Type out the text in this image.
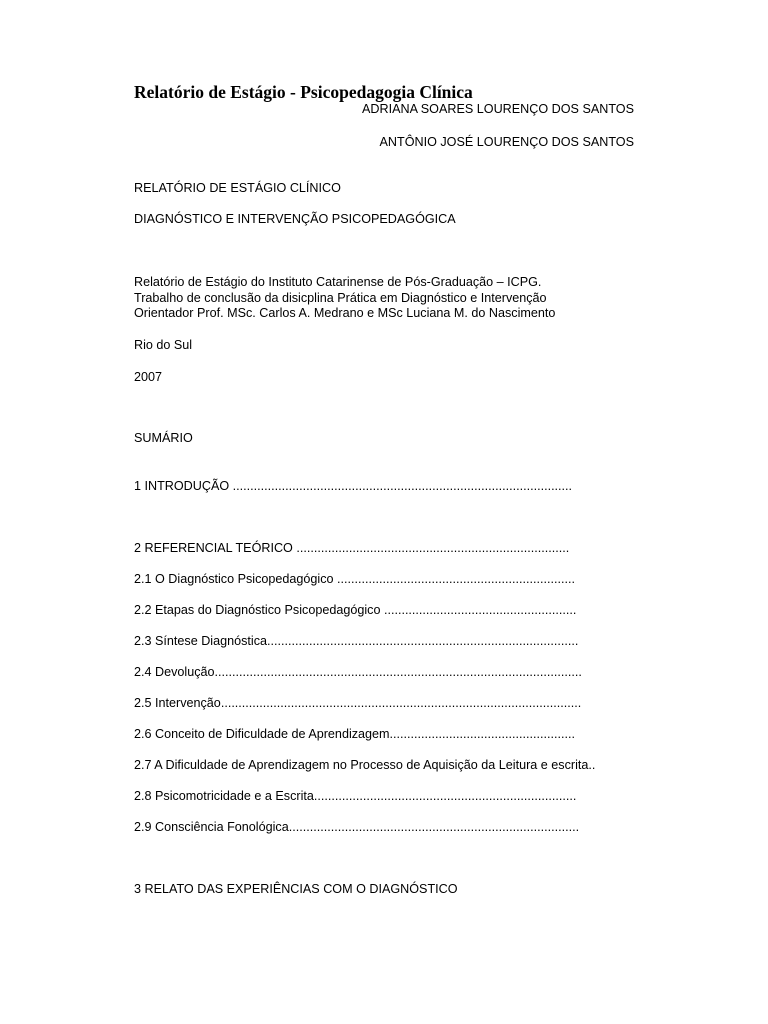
Relatório de Estágio - Psicopedagogia Clínica
ADRIANA SOARES LOURENÇO DOS SANTOS
ANTÔNIO JOSÉ LOURENÇO DOS SANTOS
RELATÓRIO DE ESTÁGIO CLÍNICO
DIAGNÓSTICO E INTERVENÇÃO PSICOPEDAGÓGICA
Relatório de Estágio do Instituto Catarinense de Pós-Graduação – ICPG.
Trabalho de conclusão da disicplina Prática em Diagnóstico e Intervenção
Orientador Prof. MSc. Carlos A. Medrano e MSc Luciana M. do Nascimento
Rio do Sul
2007
SUMÁRIO
1 INTRODUÇÃO .................................................................................................
2 REFERENCIAL TEÓRICO ..............................................................................
2.1 O Diagnóstico Psicopedagógico ....................................................................
2.2 Etapas do Diagnóstico Psicopedagógico .......................................................
2.3 Síntese Diagnóstica.........................................................................................
2.4 Devolução.........................................................................................................
2.5 Intervenção.......................................................................................................
2.6 Conceito de Dificuldade de Aprendizagem.....................................................
2.7 A Dificuldade de Aprendizagem no Processo de Aquisição da Leitura e escrita..
2.8 Psicomotricidade e a Escrita...........................................................................
2.9 Consciência Fonológica...................................................................................
3 RELATO DAS EXPERIÊNCIAS COM O DIAGNÓSTICO
